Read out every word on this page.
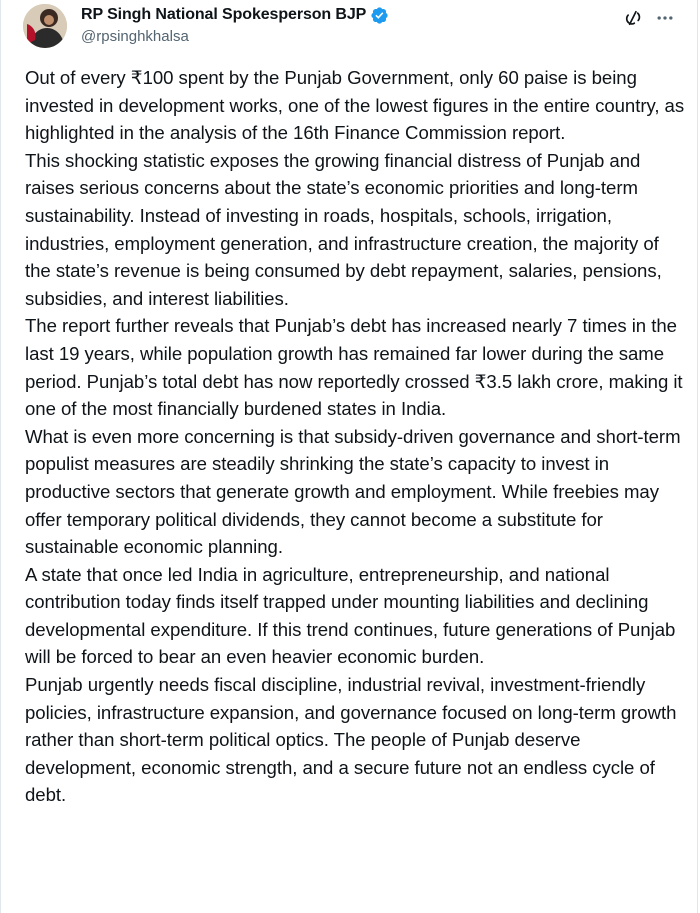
RP Singh National Spokesperson BJP
@rpsinghkhalsa

Out of every ₹100 spent by the Punjab Government, only 60 paise is being invested in development works, one of the lowest figures in the entire country, as highlighted in the analysis of the 16th Finance Commission report.

This shocking statistic exposes the growing financial distress of Punjab and raises serious concerns about the state’s economic priorities and long-term sustainability. Instead of investing in roads, hospitals, schools, irrigation, industries, employment generation, and infrastructure creation, the majority of the state’s revenue is being consumed by debt repayment, salaries, pensions, subsidies, and interest liabilities.

The report further reveals that Punjab’s debt has increased nearly 7 times in the last 19 years, while population growth has remained far lower during the same period. Punjab’s total debt has now reportedly crossed ₹3.5 lakh crore, making it one of the most financially burdened states in India.

What is even more concerning is that subsidy-driven governance and short-term populist measures are steadily shrinking the state’s capacity to invest in productive sectors that generate growth and employment. While freebies may offer temporary political dividends, they cannot become a substitute for sustainable economic planning.

A state that once led India in agriculture, entrepreneurship, and national contribution today finds itself trapped under mounting liabilities and declining developmental expenditure. If this trend continues, future generations of Punjab will be forced to bear an even heavier economic burden.

Punjab urgently needs fiscal discipline, industrial revival, investment-friendly policies, infrastructure expansion, and governance focused on long-term growth rather than short-term political optics. The people of Punjab deserve development, economic strength, and a secure future not an endless cycle of debt.
